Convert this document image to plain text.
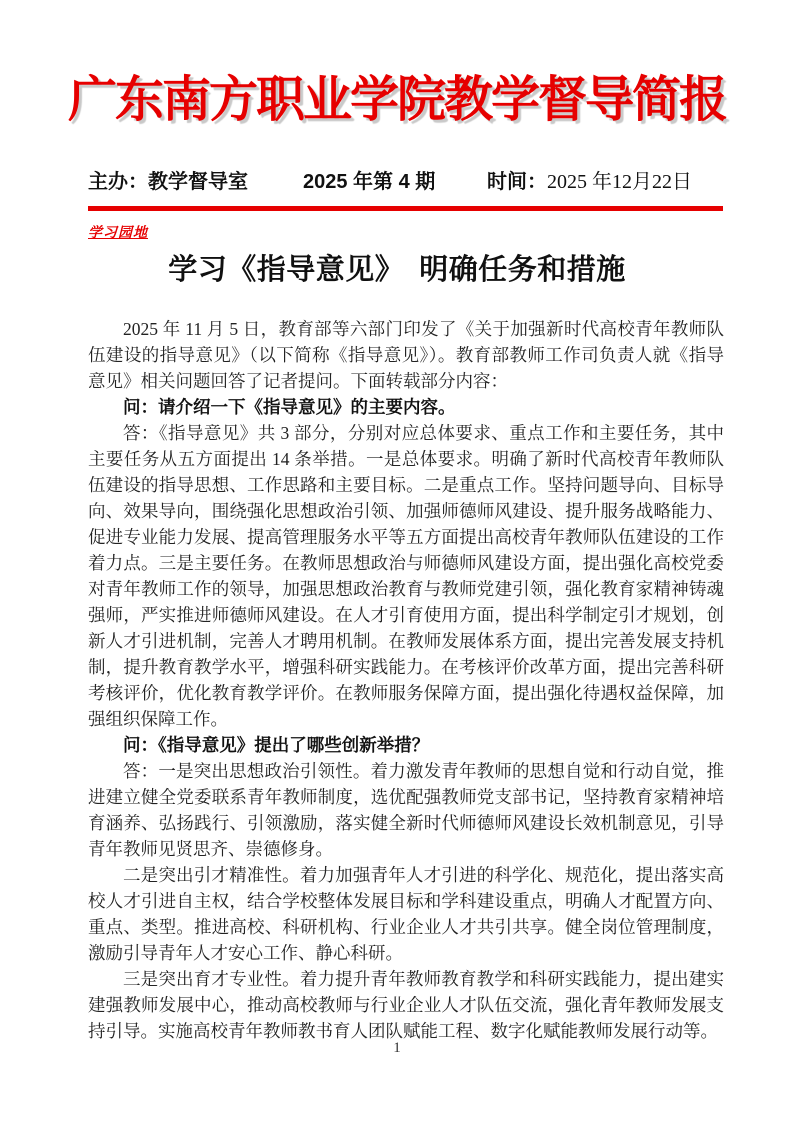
广东南方职业学院教学督导简报
主办：教学督导室	2025 年第 4 期	时间：2025 年12月22日
学习园地
学习《指导意见》　明确任务和措施

2025 年 11 月 5 日，教育部等六部门印发了《关于加强新时代高校青年教师队伍建设的指导意见》（以下简称《指导意见》）。教育部教师工作司负责人就《指导意见》相关问题回答了记者提问。下面转载部分内容：

问：请介绍一下《指导意见》的主要内容。

答：《指导意见》共 3 部分，分别对应总体要求、重点工作和主要任务，其中主要任务从五方面提出 14 条举措。一是总体要求。明确了新时代高校青年教师队伍建设的指导思想、工作思路和主要目标。二是重点工作。坚持问题导向、目标导向、效果导向，围绕强化思想政治引领、加强师德师风建设、提升服务战略能力、促进专业能力发展、提高管理服务水平等五方面提出高校青年教师队伍建设的工作着力点。三是主要任务。在教师思想政治与师德师风建设方面，提出强化高校党委对青年教师工作的领导，加强思想政治教育与教师党建引领，强化教育家精神铸魂强师，严实推进师德师风建设。在人才引育使用方面，提出科学制定引才规划，创新人才引进机制，完善人才聘用机制。在教师发展体系方面，提出完善发展支持机制，提升教育教学水平，增强科研实践能力。在考核评价改革方面，提出完善科研考核评价，优化教育教学评价。在教师服务保障方面，提出强化待遇权益保障，加强组织保障工作。

问：《指导意见》提出了哪些创新举措？

答：一是突出思想政治引领性。着力激发青年教师的思想自觉和行动自觉，推进建立健全党委联系青年教师制度，选优配强教师党支部书记，坚持教育家精神培育涵养、弘扬践行、引领激励，落实健全新时代师德师风建设长效机制意见，引导青年教师见贤思齐、崇德修身。

二是突出引才精准性。着力加强青年人才引进的科学化、规范化，提出落实高校人才引进自主权，结合学校整体发展目标和学科建设重点，明确人才配置方向、重点、类型。推进高校、科研机构、行业企业人才共引共享。健全岗位管理制度，激励引导青年人才安心工作、静心科研。

三是突出育才专业性。着力提升青年教师教育教学和科研实践能力，提出建实建强教师发展中心，推动高校教师与行业企业人才队伍交流，强化青年教师发展支持引导。实施高校青年教师教书育人团队赋能工程、数字化赋能教师发展行动等。

1
